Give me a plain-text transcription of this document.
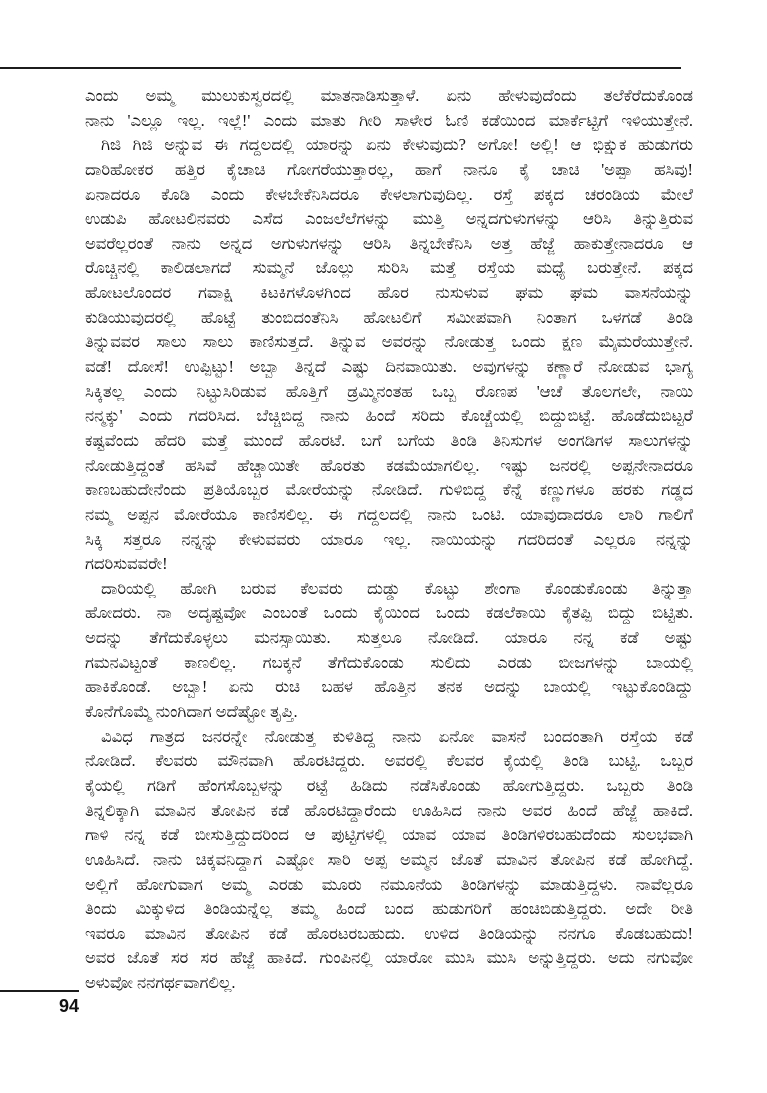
ಎಂದು ಅಮ್ಮ ಮುಲುಕುಸ್ವರದಲ್ಲಿ ಮಾತನಾಡಿಸುತ್ತಾಳೆ. ಏನು ಹೇಳುವುದೆಂದು ತಲೆಕೆರೆದುಕೊಂಡ
ನಾನು 'ಎಲ್ಲೂ ಇಲ್ಲ. ಇಲ್ಲೆ!' ಎಂದು ಮಾತು ಗೀರಿ ಸಾಳೇರ ಓಣಿ ಕಡೆಯಿಂದ ಮಾರ್ಕೆಟ್ಟಿಗೆ ಇಳಿಯುತ್ತೇನೆ.
ಗಿಜಿ ಗಿಜಿ ಅನ್ನುವ ಈ ಗದ್ದಲದಲ್ಲಿ ಯಾರನ್ನು ಏನು ಕೇಳುವುದು? ಅಗೋ! ಅಲ್ಲಿ! ಆ ಭಿಕ್ಷುಕ ಹುಡುಗರು
ದಾರಿಹೋಕರ ಹತ್ತಿರ ಕೈಚಾಚಿ ಗೋಗರೆಯುತ್ತಾರಲ್ಲ, ಹಾಗೆ ನಾನೂ ಕೈ ಚಾಚಿ 'ಅಪ್ಪಾ ಹಸಿವು!
ಏನಾದರೂ ಕೊಡಿ ಎಂದು ಕೇಳಬೇಕೆನಿಸಿದರೂ ಕೇಳಲಾಗುವುದಿಲ್ಲ. ರಸ್ತೆ ಪಕ್ಕದ ಚರಂಡಿಯ ಮೇಲೆ
ಉಡುಪಿ ಹೋಟಲಿನವರು ಎಸೆದ ಎಂಜಲೆಲೆಗಳನ್ನು ಮುತ್ತಿ ಅನ್ನದಗುಳುಗಳನ್ನು ಆರಿಸಿ ತಿನ್ನುತ್ತಿರುವ
ಅವರೆಲ್ಲರಂತೆ ನಾನು ಅನ್ನದ ಅಗುಳುಗಳನ್ನು ಆರಿಸಿ ತಿನ್ನಬೇಕೆನಿಸಿ ಅತ್ತ ಹೆಜ್ಜೆ ಹಾಕುತ್ತೇನಾದರೂ ಆ
ರೊಚ್ಚಿನಲ್ಲಿ ಕಾಲಿಡಲಾಗದೆ ಸುಮ್ಮನೆ ಜೊಲ್ಲು ಸುರಿಸಿ ಮತ್ತೆ ರಸ್ತೆಯ ಮಧ್ಯೆ ಬರುತ್ತೇನೆ. ಪಕ್ಕದ
ಹೋಟಲೊಂದರ ಗವಾಕ್ಷಿ ಕಿಟಕಿಗಳೊಳಗಿಂದ ಹೊರ ನುಸುಳುವ ಘಮ ಘಮ ವಾಸನೆಯನ್ನು
ಕುಡಿಯುವುದರಲ್ಲಿ ಹೊಟ್ಟೆ ತುಂಬಿದಂತೆನಿಸಿ ಹೋಟಲಿಗೆ ಸಮೀಪವಾಗಿ ನಿಂತಾಗ ಒಳಗಡೆ ತಿಂಡಿ
ತಿನ್ನುವವರ ಸಾಲು ಸಾಲು ಕಾಣಿಸುತ್ತದೆ. ತಿನ್ನುವ ಅವರನ್ನು ನೋಡುತ್ತ ಒಂದು ಕ್ಷಣ ಮೈಮರೆಯುತ್ತೇನೆ.
ವಡೆ! ದೋಸೆ! ಉಪ್ಪಿಟ್ಟು! ಅಬ್ಬಾ ತಿನ್ನದೆ ಎಷ್ಟು ದಿನವಾಯಿತು. ಅವುಗಳನ್ನು ಕಣ್ಣಾರೆ ನೋಡುವ ಭಾಗ್ಯ
ಸಿಕ್ಕಿತಲ್ಲ ಎಂದು ನಿಟ್ಟುಸಿರಿಡುವ ಹೊತ್ತಿಗೆ ಡ್ರಮ್ಮಿನಂತಹ ಒಬ್ಬ ರೊಣಪ 'ಆಚೆ ತೊಲಗಲೇ, ನಾಯಿ
ನನ್ಮಕ್ಕು' ಎಂದು ಗದರಿಸಿದ. ಬೆಚ್ಚಿಬಿದ್ದ ನಾನು ಹಿಂದೆ ಸರಿದು ಕೊಚ್ಚೆಯಲ್ಲಿ ಬಿದ್ದುಬಿಟ್ಟೆ. ಹೊಡೆದುಬಿಟ್ಟರೆ
ಕಷ್ಟವೆಂದು ಹೆದರಿ ಮತ್ತೆ ಮುಂದೆ ಹೊರಟೆ. ಬಗೆ ಬಗೆಯ ತಿಂಡಿ ತಿನಿಸುಗಳ ಅಂಗಡಿಗಳ ಸಾಲುಗಳನ್ನು
ನೋಡುತ್ತಿದ್ದಂತೆ ಹಸಿವೆ ಹೆಚ್ಚಾಯಿತೇ ಹೊರತು ಕಡಮೆಯಾಗಲಿಲ್ಲ. ಇಷ್ಟು ಜನರಲ್ಲಿ ಅಪ್ಪನೇನಾದರೂ
ಕಾಣಬಹುದೇನೆಂದು ಪ್ರತಿಯೊಬ್ಬರ ಮೋರೆಯನ್ನು ನೋಡಿದೆ. ಗುಳಿಬಿದ್ದ ಕೆನ್ನೆ ಕಣ್ಣುಗಳೂ ಹರಕು ಗಡ್ಡದ
ನಮ್ಮ ಅಪ್ಪನ ಮೋರೆಯೂ ಕಾಣಿಸಲಿಲ್ಲ. ಈ ಗದ್ದಲದಲ್ಲಿ ನಾನು ಒಂಟಿ. ಯಾವುದಾದರೂ ಲಾರಿ ಗಾಲಿಗೆ
ಸಿಕ್ಕಿ ಸತ್ತರೂ ನನ್ನನ್ನು ಕೇಳುವವರು ಯಾರೂ ಇಲ್ಲ. ನಾಯಿಯನ್ನು ಗದರಿದಂತೆ ಎಲ್ಲರೂ ನನ್ನನ್ನು
ಗದರಿಸುವವರೇ!
ದಾರಿಯಲ್ಲಿ ಹೋಗಿ ಬರುವ ಕೆಲವರು ದುಡ್ಡು ಕೊಟ್ಟು ಶೇಂಗಾ ಕೊಂಡುಕೊಂಡು ತಿನ್ನುತ್ತಾ
ಹೋದರು. ನಾ ಅದೃಷ್ಟವೋ ಎಂಬಂತೆ ಒಂದು ಕೈಯಿಂದ ಒಂದು ಕಡಲೆಕಾಯಿ ಕೈತಪ್ಪಿ ಬಿದ್ದು ಬಿಟ್ಟಿತು.
ಅದನ್ನು ತೆಗೆದುಕೊಳ್ಳಲು ಮನಸ್ಸಾಯಿತು. ಸುತ್ತಲೂ ನೋಡಿದೆ. ಯಾರೂ ನನ್ನ ಕಡೆ ಅಷ್ಟು
ಗಮನವಿಟ್ಟಂತೆ ಕಾಣಲಿಲ್ಲ. ಗಬಕ್ಕನೆ ತೆಗೆದುಕೊಂಡು ಸುಲಿದು ಎರಡು ಬೀಜಗಳನ್ನು ಬಾಯಲ್ಲಿ
ಹಾಕಿಕೊಂಡೆ. ಅಬ್ಬಾ! ಏನು ರುಚಿ ಬಹಳ ಹೊತ್ತಿನ ತನಕ ಅದನ್ನು ಬಾಯಲ್ಲಿ ಇಟ್ಟುಕೊಂಡಿದ್ದು
ಕೊನೆಗೊಮ್ಮೆ ನುಂಗಿದಾಗ ಅದೆಷ್ಟೋ ತೃಪ್ತಿ.
ವಿವಿಧ ಗಾತ್ರದ ಜನರನ್ನೇ ನೋಡುತ್ತ ಕುಳಿತಿದ್ದ ನಾನು ಏನೋ ವಾಸನೆ ಬಂದಂತಾಗಿ ರಸ್ತೆಯ ಕಡೆ
ನೋಡಿದೆ. ಕೆಲವರು ಮೌನವಾಗಿ ಹೊರಟಿದ್ದರು. ಅವರಲ್ಲಿ ಕೆಲವರ ಕೈಯಲ್ಲಿ ತಿಂಡಿ ಬುಟ್ಟಿ. ಒಬ್ಬರ
ಕೈಯಲ್ಲಿ ಗಡಿಗೆ ಹೆಂಗಸೊಬ್ಬಳನ್ನು ರಟ್ಟೆ ಹಿಡಿದು ನಡೆಸಿಕೊಂಡು ಹೋಗುತ್ತಿದ್ದರು. ಒಬ್ಬರು ತಿಂಡಿ
ತಿನ್ನಲಿಕ್ಕಾಗಿ ಮಾವಿನ ತೋಪಿನ ಕಡೆ ಹೊರಟಿದ್ದಾರೆಂದು ಊಹಿಸಿದ ನಾನು ಅವರ ಹಿಂದೆ ಹೆಜ್ಜೆ ಹಾಕಿದೆ.
ಗಾಳಿ ನನ್ನ ಕಡೆ ಬೀಸುತ್ತಿದ್ದುದರಿಂದ ಆ ಪುಟ್ಟಿಗಳಲ್ಲಿ ಯಾವ ಯಾವ ತಿಂಡಿಗಳಿರಬಹುದೆಂದು ಸುಲಭವಾಗಿ
ಊಹಿಸಿದೆ. ನಾನು ಚಿಕ್ಕವನಿದ್ದಾಗ ಎಷ್ಟೋ ಸಾರಿ ಅಪ್ಪ ಅಮ್ಮನ ಜೊತೆ ಮಾವಿನ ತೋಪಿನ ಕಡೆ ಹೋಗಿದ್ದೆ.
ಅಲ್ಲಿಗೆ ಹೋಗುವಾಗ ಅಮ್ಮ ಎರಡು ಮೂರು ನಮೂನೆಯ ತಿಂಡಿಗಳನ್ನು ಮಾಡುತ್ತಿದ್ದಳು. ನಾವೆಲ್ಲರೂ
ತಿಂದು ಮಿಕ್ಕುಳಿದ ತಿಂಡಿಯನ್ನೆಲ್ಲ ತಮ್ಮ ಹಿಂದೆ ಬಂದ ಹುಡುಗರಿಗೆ ಹಂಚಿಬಿಡುತ್ತಿದ್ದರು. ಅದೇ ರೀತಿ
ಇವರೂ ಮಾವಿನ ತೋಪಿನ ಕಡೆ ಹೊರಟರಬಹುದು. ಉಳಿದ ತಿಂಡಿಯನ್ನು ನನಗೂ ಕೊಡಬಹುದು!
ಅವರ ಜೊತೆ ಸರ ಸರ ಹೆಜ್ಜೆ ಹಾಕಿದೆ. ಗುಂಪಿನಲ್ಲಿ ಯಾರೋ ಮುಸಿ ಮುಸಿ ಅನ್ನುತ್ತಿದ್ದರು. ಅದು ನಗುವೋ
ಅಳುವೋ ನನಗರ್ಥವಾಗಲಿಲ್ಲ.
94
